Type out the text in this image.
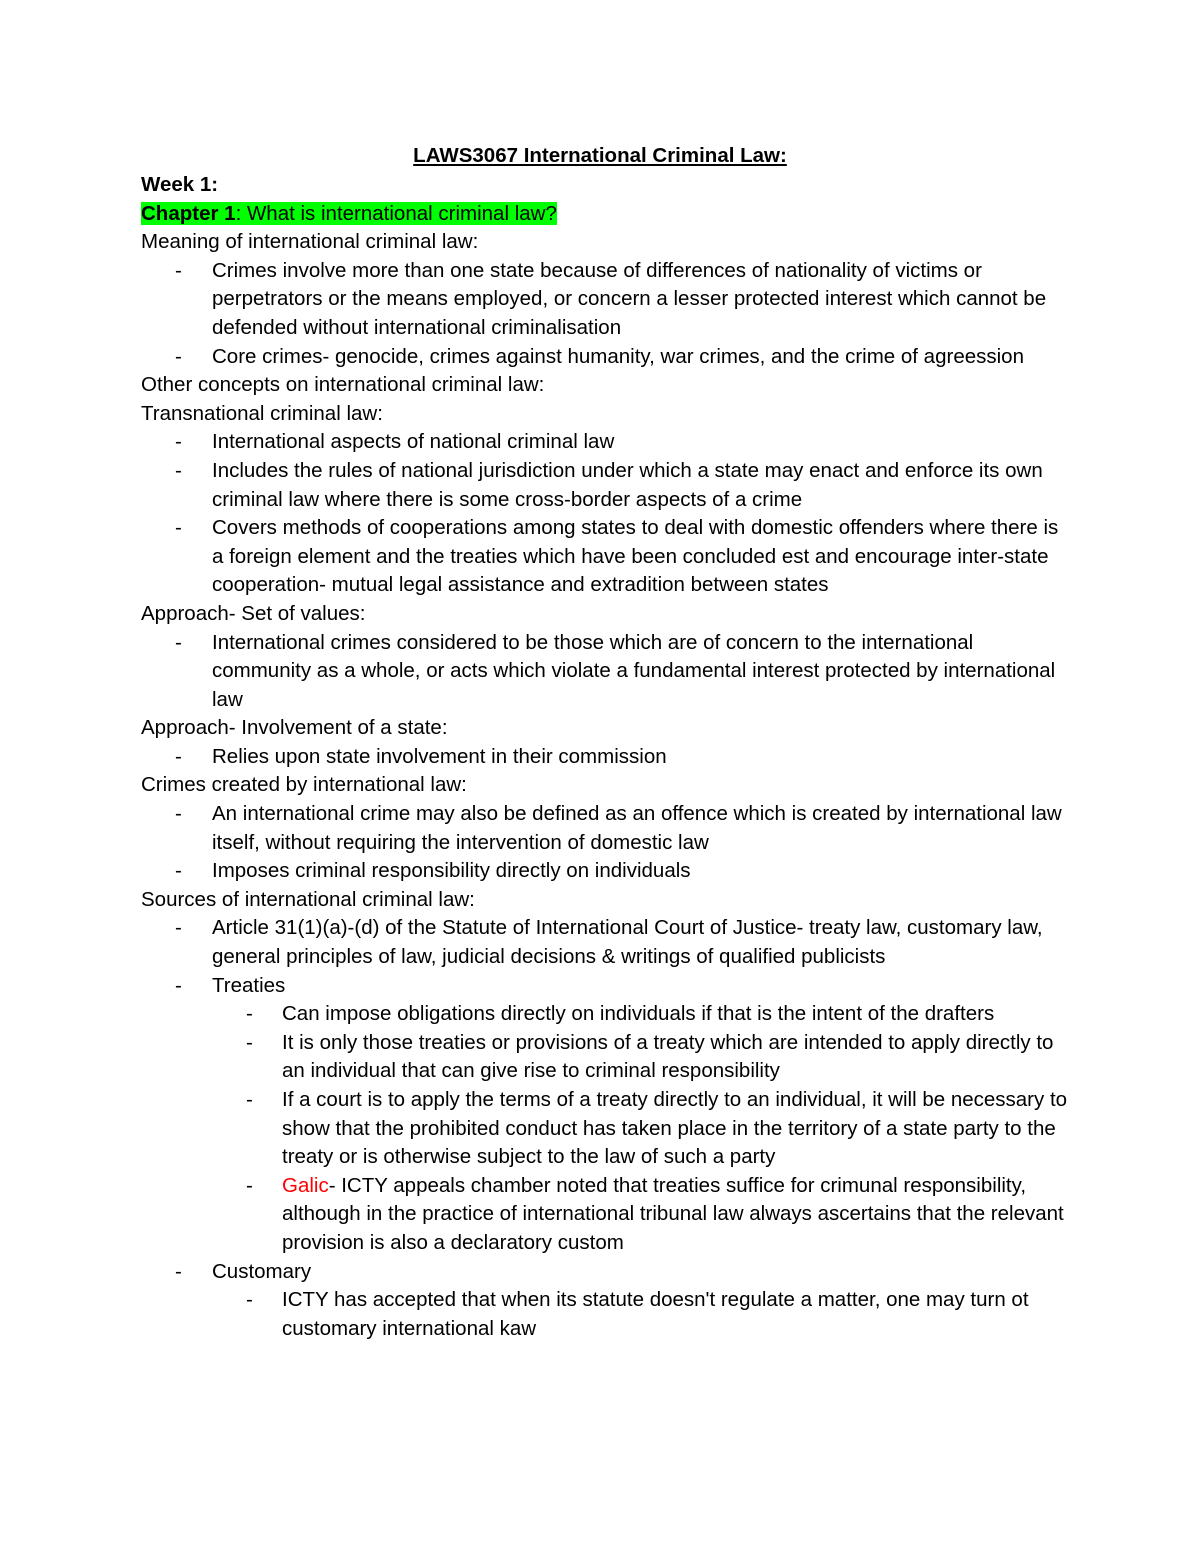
LAWS3067 International Criminal Law:
Week 1:
Chapter 1: What is international criminal law?
Meaning of international criminal law:
- Crimes involve more than one state because of differences of nationality of victims or perpetrators or the means employed, or concern a lesser protected interest which cannot be defended without international criminalisation
- Core crimes- genocide, crimes against humanity, war crimes, and the crime of agreession
Other concepts on international criminal law:
Transnational criminal law:
- International aspects of national criminal law
- Includes the rules of national jurisdiction under which a state may enact and enforce its own criminal law where there is some cross-border aspects of a crime
- Covers methods of cooperations among states to deal with domestic offenders where there is a foreign element and the treaties which have been concluded est and encourage inter-state cooperation- mutual legal assistance and extradition between states
Approach- Set of values:
- International crimes considered to be those which are of concern to the international community as a whole, or acts which violate a fundamental interest protected by international law
Approach- Involvement of a state:
- Relies upon state involvement in their commission
Crimes created by international law:
- An international crime may also be defined as an offence which is created by international law itself, without requiring the intervention of domestic law
- Imposes criminal responsibility directly on individuals
Sources of international criminal law:
- Article 31(1)(a)-(d) of the Statute of International Court of Justice- treaty law, customary law, general principles of law, judicial decisions & writings of qualified publicists
- Treaties
- Can impose obligations directly on individuals if that is the intent of the drafters
- It is only those treaties or provisions of a treaty which are intended to apply directly to an individual that can give rise to criminal responsibility
- If a court is to apply the terms of a treaty directly to an individual, it will be necessary to show that the prohibited conduct has taken place in the territory of a state party to the treaty or is otherwise subject to the law of such a party
- Galic- ICTY appeals chamber noted that treaties suffice for crimunal responsibility, although in the practice of international tribunal law always ascertains that the relevant provision is also a declaratory custom
- Customary
- ICTY has accepted that when its statute doesn't regulate a matter, one may turn ot customary international kaw
